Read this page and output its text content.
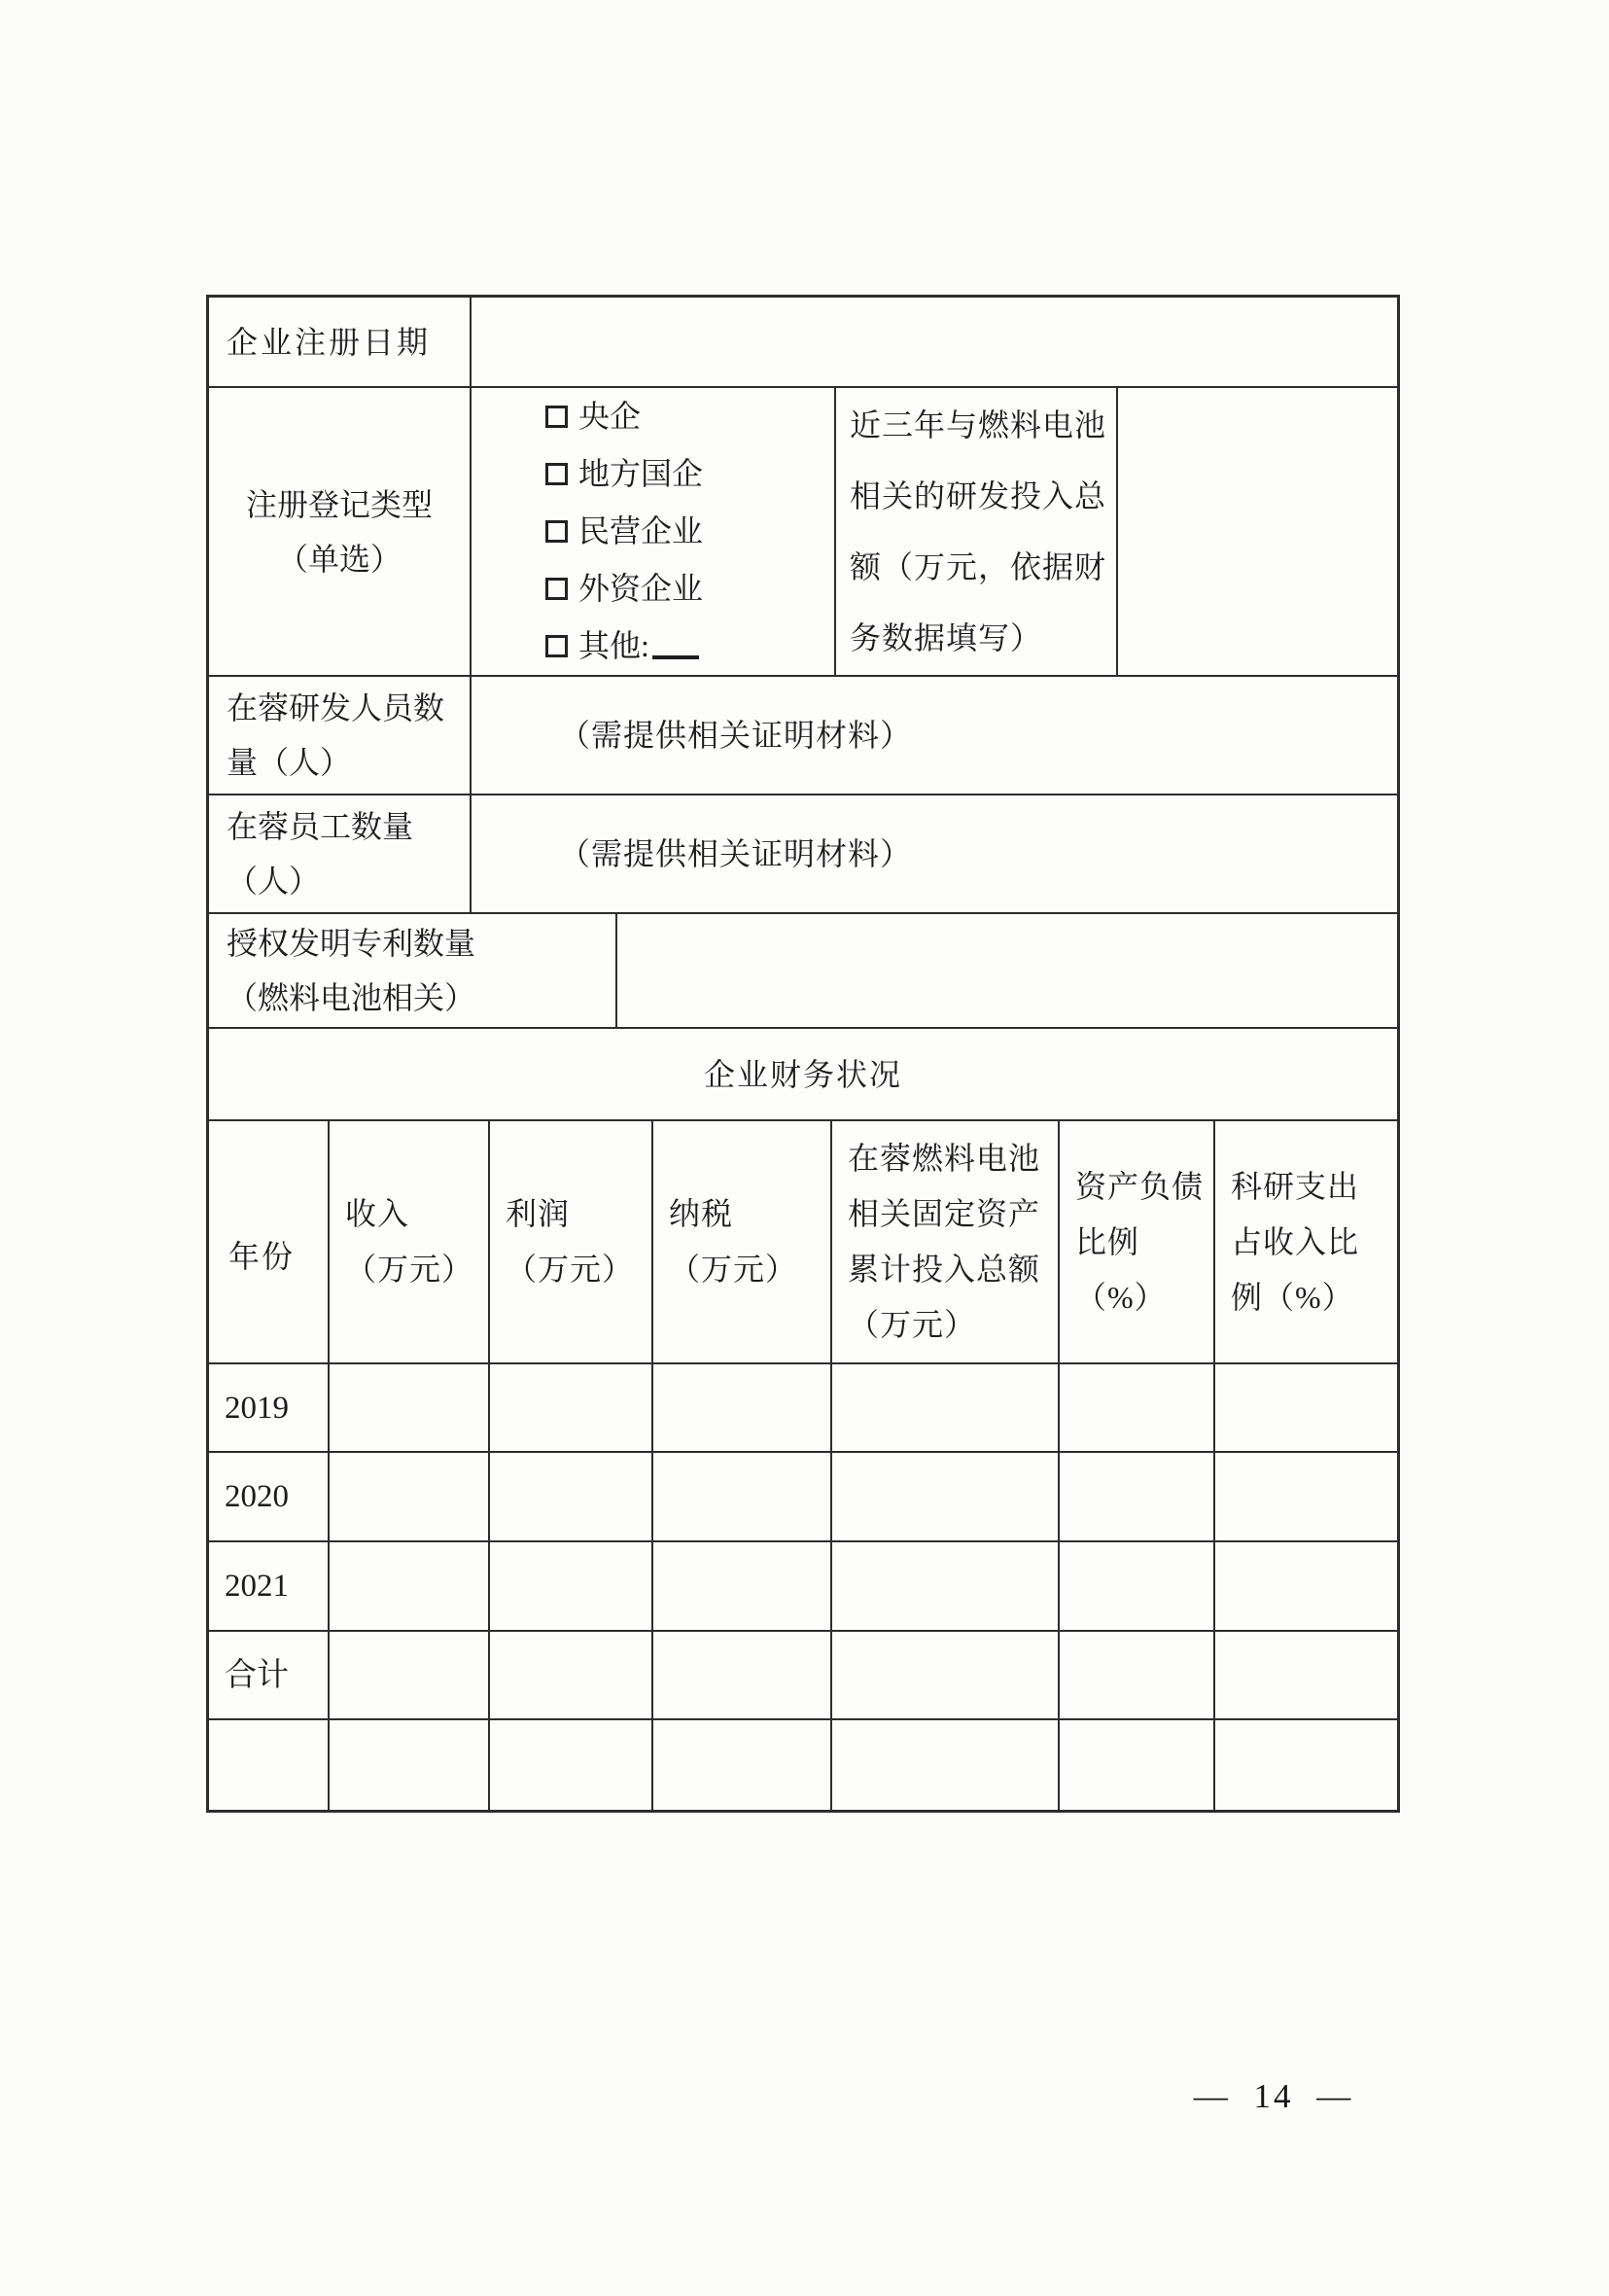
企业注册日期
注册登记类型
（单选）
央企
地方国企
民营企业
外资企业
其他:
近三年与燃料电池
相关的研发投入总
额（万元，依据财
务数据填写）
在蓉研发人员数
量（人）
（需提供相关证明材料）
在蓉员工数量
（人）
（需提供相关证明材料）
授权发明专利数量
（燃料电池相关）
企业财务状况
年份
收入
（万元）
利润
（万元）
纳税
（万元）
在蓉燃料电池
相关固定资产
累计投入总额
（万元）
资产负债
比例（%）
科研支出
占收入比
例（%）
2019
2020
2021
合计
— 14 —
